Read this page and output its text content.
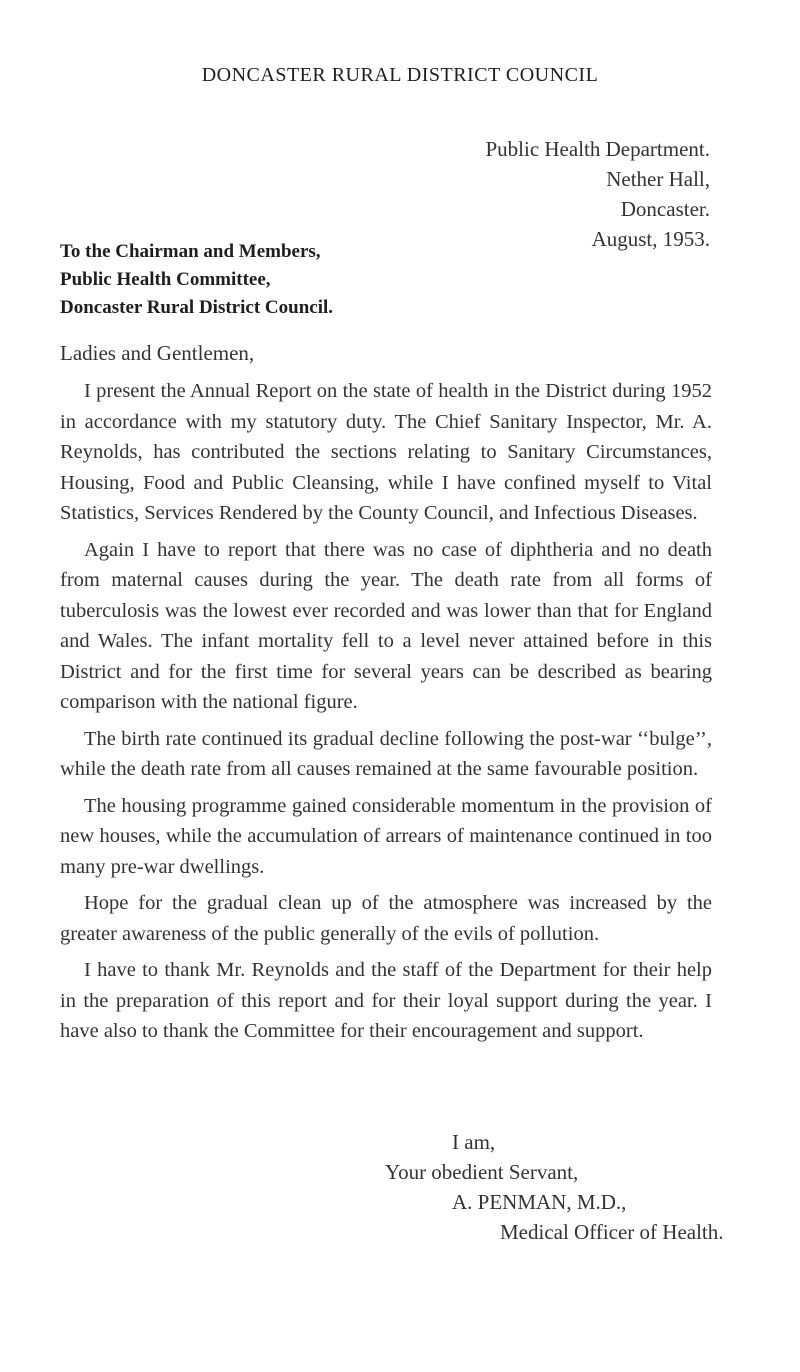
DONCASTER RURAL DISTRICT COUNCIL
Public Health Department.
Nether Hall,
Doncaster.
August, 1953.
To the Chairman and Members,
Public Health Committee,
Doncaster Rural District Council.
Ladies and Gentlemen,

I present the Annual Report on the state of health in the District during 1952 in accordance with my statutory duty. The Chief Sanitary Inspector, Mr. A. Reynolds, has contributed the sections relating to Sanitary Circumstances, Housing, Food and Public Cleansing, while I have confined myself to Vital Statistics, Services Rendered by the County Council, and Infectious Diseases.

Again I have to report that there was no case of diphtheria and no death from maternal causes during the year. The death rate from all forms of tuberculosis was the lowest ever recorded and was lower than that for England and Wales. The infant mortality fell to a level never attained before in this District and for the first time for several years can be described as bearing comparison with the national figure.

The birth rate continued its gradual decline following the post-war ‘‘bulge’’, while the death rate from all causes remained at the same favourable position.

The housing programme gained considerable momentum in the provision of new houses, while the accumulation of arrears of maintenance continued in too many pre-war dwellings.

Hope for the gradual clean up of the atmosphere was increased by the greater awareness of the public generally of the evils of pollution.

I have to thank Mr. Reynolds and the staff of the Department for their help in the preparation of this report and for their loyal support during the year. I have also to thank the Committee for their encouragement and support.

I am,
Your obedient Servant,
A. PENMAN, M.D.,
Medical Officer of Health.
